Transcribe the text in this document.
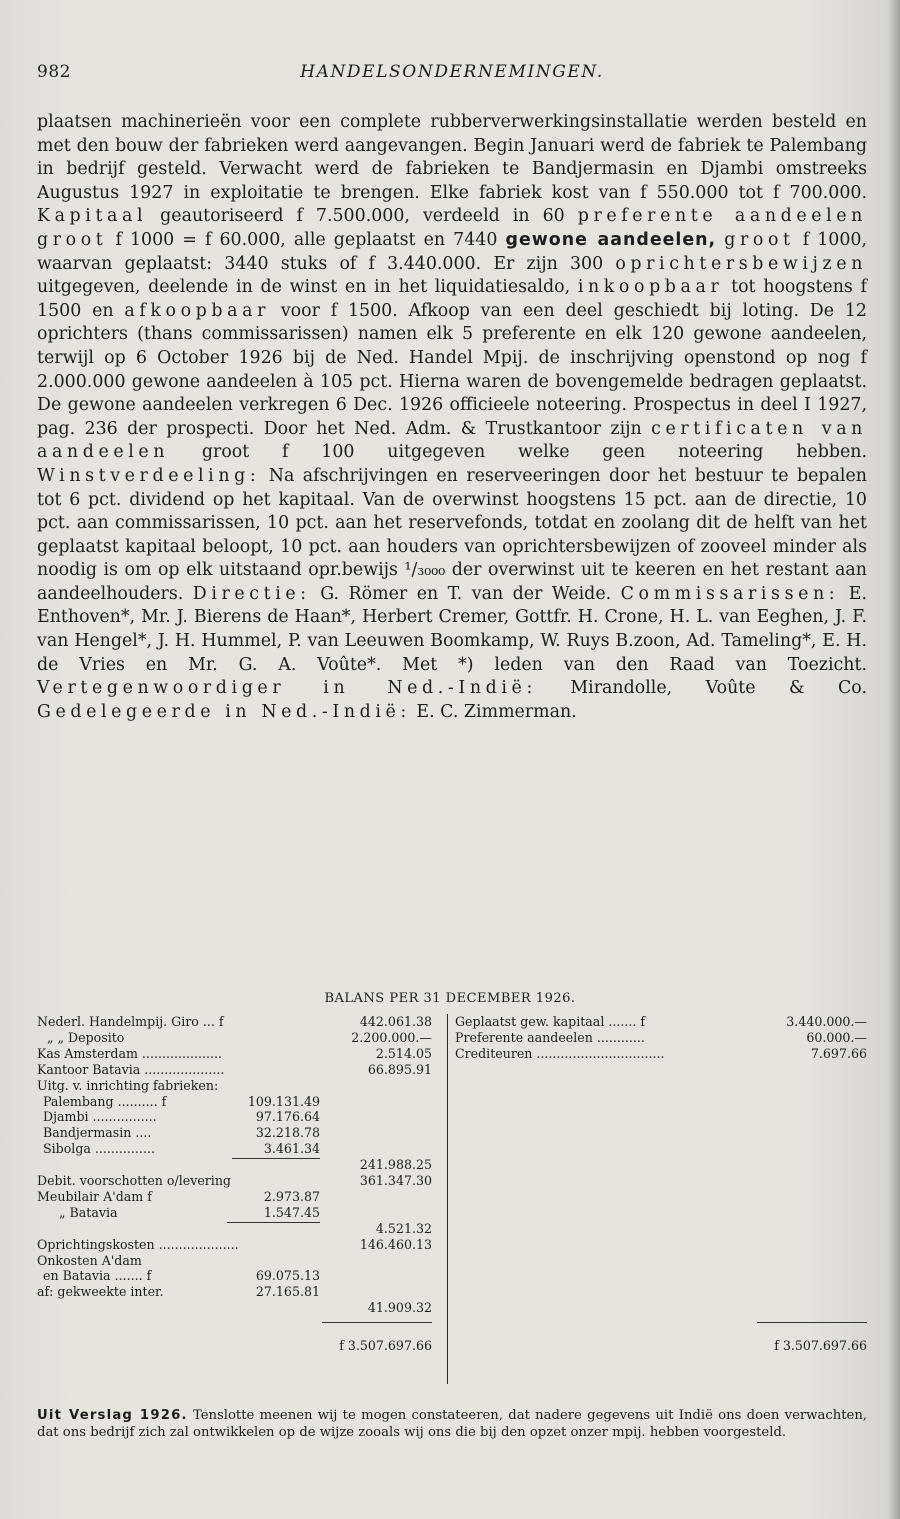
982	HANDELSONDERNEMINGEN.

plaatsen machinerieën voor een complete rubberverwerkingsinstallatie werden besteld en met den bouw der fabrieken werd aangevangen. Begin Januari werd de fabriek te Palembang in bedrijf gesteld. Verwacht werd de fabrieken te Bandjermasin en Djambi omstreeks Augustus 1927 in exploitatie te brengen. Elke fabriek kost van f 550.000 tot f 700.000. Kapitaal geautoriseerd f 7.500.000, verdeeld in 60 preferente aandeelen groot f 1000 = f 60.000, alle geplaatst en 7440 gewone aandeelen, groot f 1000, waarvan geplaatst: 3440 stuks of f 3.440.000. Er zijn 300 oprichtersbewijzen uitgegeven, deelende in de winst en in het liquidatiesaldo, inkoopbaar tot hoogstens f 1500 en afkoopbaar voor f 1500. Afkoop van een deel geschiedt bij loting. De 12 oprichters (thans commissarissen) namen elk 5 preferente en elk 120 gewone aandeelen, terwijl op 6 October 1926 bij de Ned. Handel Mpij. de inschrijving openstond op nog f 2.000.000 gewone aandeelen à 105 pct. Hierna waren de bovengemelde bedragen geplaatst. De gewone aandeelen verkregen 6 Dec. 1926 officieele noteering. Prospectus in deel I 1927, pag. 236 der prospecti. Door het Ned. Adm. & Trustkantoor zijn certificaten van aandeelen groot f 100 uitgegeven welke geen noteering hebben. Winstverdeeling: Na afschrijvingen en reserveeringen door het bestuur te bepalen tot 6 pct. dividend op het kapitaal. Van de overwinst hoogstens 15 pct. aan de directie, 10 pct. aan commissarissen, 10 pct. aan het reservefonds, totdat en zoolang dit de helft van het geplaatst kapitaal beloopt, 10 pct. aan houders van oprichtersbewijzen of zooveel minder als noodig is om op elk uitstaand opr.bewijs ¹/₃₀₀₀ der overwinst uit te keeren en het restant aan aandeelhouders. Directie: G. Römer en T. van der Weide. Commissarissen: E. Enthoven*, Mr. J. Bierens de Haan*, Herbert Cremer, Gottfr. H. Crone, H. L. van Eeghen, J. F. van Hengel*, J. H. Hummel, P. van Leeuwen Boomkamp, W. Ruys B.zoon, Ad. Tameling*, E. H. de Vries en Mr. G. A. Voûte*. Met *) leden van den Raad van Toezicht. Vertegenwoordiger in Ned.-Indië: Mirandolle, Voûte & Co. Gedelegeerde in Ned.-Indië: E. C. Zimmerman.

BALANS PER 31 DECEMBER 1926.
Nederl. Handelmpij. Giro ... f	442.061.38
„ „ Deposito	2.200.000.—
Kas Amsterdam ....................	2.514.05
Kantoor Batavia ....................	66.895.91
Uitg. v. inrichting fabrieken:
Palembang .......... f	109.131.49
Djambi ................	97.176.64
Bandjermasin ....	32.218.78
Sibolga ...............	3.461.34
241.988.25
Debit. voorschotten o/levering	361.347.30
Meubilair A'dam f	2.973.87
„ Batavia	1.547.45
4.521.32
Oprichtingskosten ....................	146.460.13
Onkosten A'dam
en Batavia ....... f	69.075.13
af: gekweekte inter.	27.165.81
41.909.32
f 3.507.697.66
Geplaatst gew. kapitaal ....... f	3.440.000.—
Preferente aandeelen ............	60.000.—
Crediteuren ................................	7.697.66
f 3.507.697.66

Uit Verslag 1926. Tenslotte meenen wij te mogen constateeren, dat nadere gegevens uit Indië ons doen verwachten, dat ons bedrijf zich zal ontwikkelen op de wijze zooals wij ons die bij den opzet onzer mpij. hebben voorgesteld.
